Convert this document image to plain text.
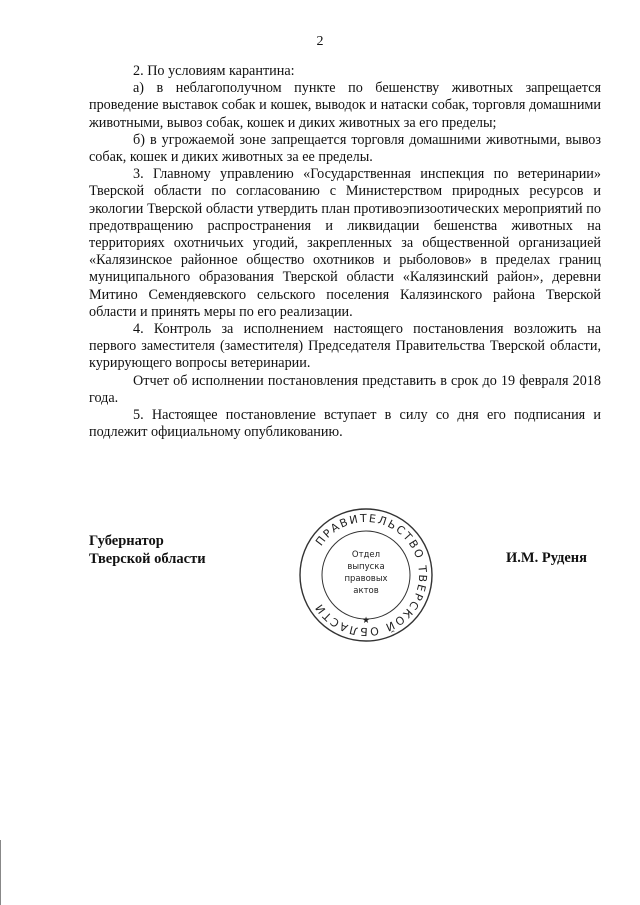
2

2. По условиям карантина:

а) в неблагополучном пункте по бешенству животных запрещается проведение выставок собак и кошек, выводок и натаски собак, торговля домашними животными, вывоз собак, кошек и диких животных за его пределы;

б) в угрожаемой зоне запрещается торговля домашними животными, вывоз собак, кошек и диких животных за ее пределы.

3. Главному управлению «Государственная инспекция по ветеринарии» Тверской области по согласованию с Министерством природных ресурсов и экологии Тверской области утвердить план противоэпизоотических мероприятий по предотвращению распространения и ликвидации бешенства животных на территориях охотничьих угодий, закрепленных за общественной организацией «Калязинское районное общество охотников и рыболовов» в пределах границ муниципального образования Тверской области «Калязинский район», деревни Митино Семендяевского сельского поселения Калязинского района Тверской области и принять меры по его реализации.

4. Контроль за исполнением настоящего постановления возложить на первого заместителя (заместителя) Председателя Правительства Тверской области, курирующего вопросы ветеринарии.

Отчет об исполнении постановления представить в срок до 19 февраля 2018 года.

5. Настоящее постановление вступает в силу со дня его подписания и подлежит официальному опубликованию.

Губернатор
Тверской области
ПРАВИТЕЛЬСТВО ТВЕРСКОЙ ОБЛАСТИ
Отдел
выпуска
правовых
актов
★
И.М. Руденя
